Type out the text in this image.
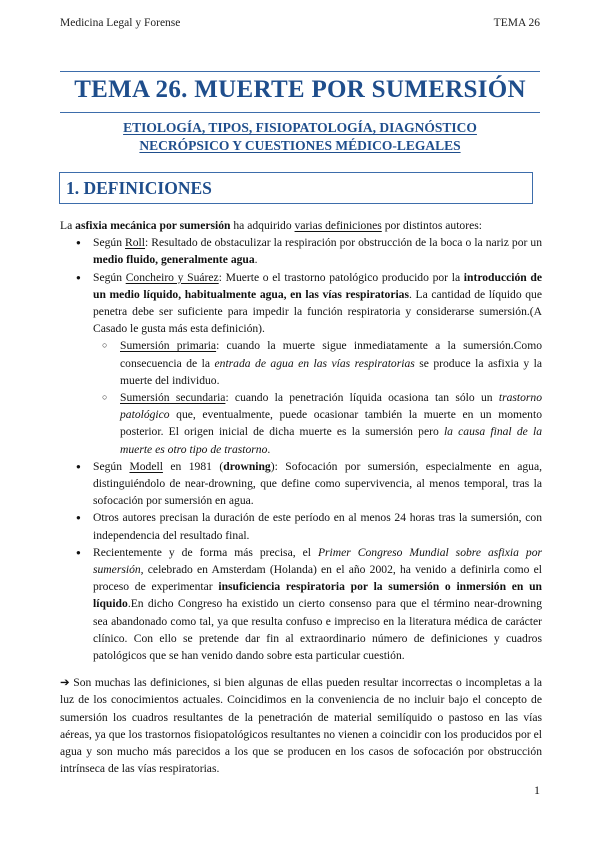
Medicina Legal y Forense	TEMA 26
TEMA 26. MUERTE POR SUMERSIÓN
ETIOLOGÍA, TIPOS, FISIOPATOLOGÍA, DIAGNÓSTICO
NECRÓPSICO Y CUESTIONES MÉDICO-LEGALES
1. DEFINICIONES

La asfixia mecánica por sumersión ha adquirido varias definiciones por distintos autores:

● Según Roll: Resultado de obstaculizar la respiración por obstrucción de la boca o la nariz por un medio fluido, generalmente agua.
● Según Concheiro y Suárez: Muerte o el trastorno patológico producido por la introducción de un medio líquido, habitualmente agua, en las vías respiratorias. La cantidad de líquido que penetra debe ser suficiente para impedir la función respiratoria y considerarse sumersión.(A Casado le gusta más esta definición).
○ Sumersión primaria: cuando la muerte sigue inmediatamente a la sumersión.Como consecuencia de la entrada de agua en las vías respiratorias se produce la asfixia y la muerte del individuo.
○ Sumersión secundaria: cuando la penetración líquida ocasiona tan sólo un trastorno patológico que, eventualmente, puede ocasionar también la muerte en un momento posterior. El origen inicial de dicha muerte es la sumersión pero la causa final de la muerte es otro tipo de trastorno.
● Según Modell en 1981 (drowning): Sofocación por sumersión, especialmente en agua, distinguiéndolo de near-drowning, que define como supervivencia, al menos temporal, tras la sofocación por sumersión en agua.
● Otros autores precisan la duración de este período en al menos 24 horas tras la sumersión, con independencia del resultado final.
● Recientemente y de forma más precisa, el Primer Congreso Mundial sobre asfixia por sumersión, celebrado en Amsterdam (Holanda) en el año 2002, ha venido a definirla como el proceso de experimentar insuficiencia respiratoria por la sumersión o inmersión en un líquido.En dicho Congreso ha existido un cierto consenso para que el término near-drowning sea abandonado como tal, ya que resulta confuso e impreciso en la literatura médica de carácter clínico. Con ello se pretende dar fin al extraordinario número de definiciones y cuadros patológicos que se han venido dando sobre esta particular cuestión.

➔ Son muchas las definiciones, si bien algunas de ellas pueden resultar incorrectas o incompletas a la luz de los conocimientos actuales. Coincidimos en la conveniencia de no incluir bajo el concepto de sumersión los cuadros resultantes de la penetración de material semilíquido o pastoso en las vías aéreas, ya que los trastornos fisiopatológicos resultantes no vienen a coincidir con los producidos por el agua y son mucho más parecidos a los que se producen en los casos de sofocación por obstrucción intrínseca de las vías respiratorias.

1
